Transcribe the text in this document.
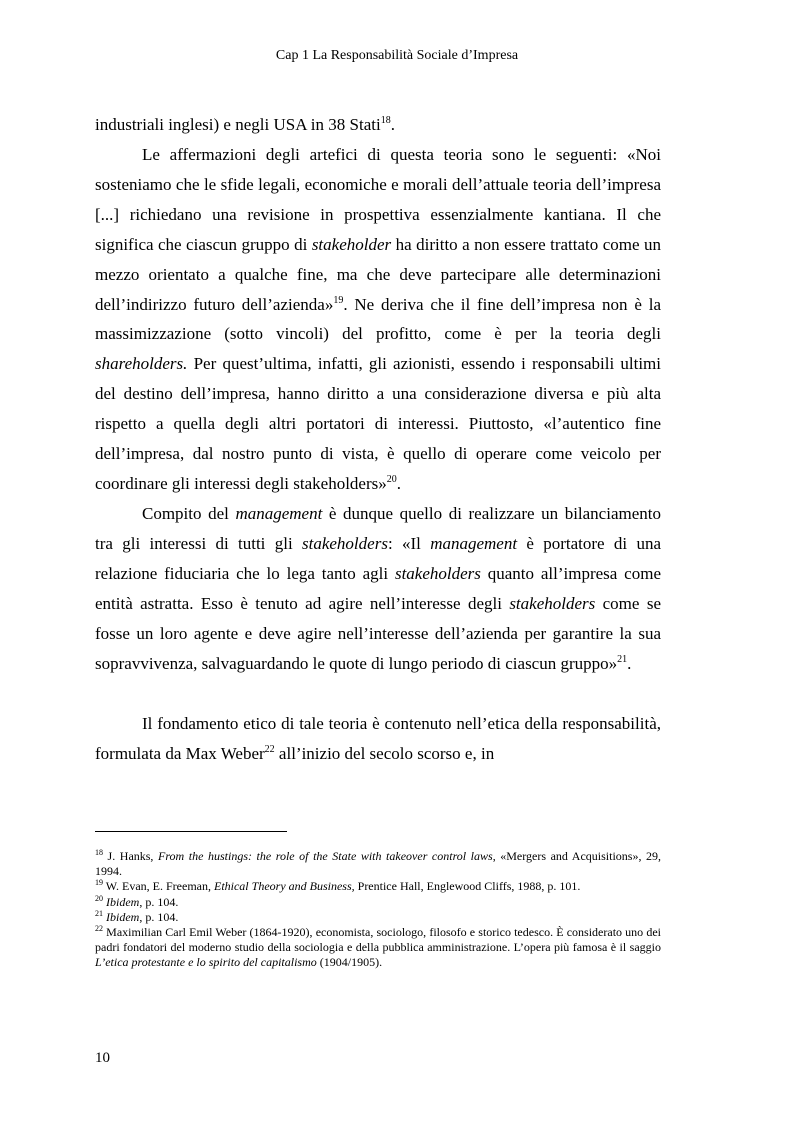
Cap 1 La Responsabilità Sociale d’Impresa
industriali inglesi) e negli USA in 38 Stati$^{18}$.
Le affermazioni degli artefici di questa teoria sono le seguenti: «Noi sosteniamo che le sfide legali, economiche e morali dell’attuale teoria dell’impresa [...] richiedano una revisione in prospettiva essenzialmente kantiana. Il che significa che ciascun gruppo di stakeholder ha diritto a non essere trattato come un mezzo orientato a qualche fine, ma che deve partecipare alle determinazioni dell’indirizzo futuro dell’azienda»$^{19}$. Ne deriva che il fine dell’impresa non è la massimizzazione (sotto vincoli) del profitto, come è per la teoria degli shareholders. Per quest’ultima, infatti, gli azionisti, essendo i responsabili ultimi del destino dell’impresa, hanno diritto a una considerazione diversa e più alta rispetto a quella degli altri portatori di interessi. Piuttosto, «l’autentico fine dell’impresa, dal nostro punto di vista, è quello di operare come veicolo per coordinare gli interessi degli stakeholders»$^{20}$.
Compito del management è dunque quello di realizzare un bilanciamento tra gli interessi di tutti gli stakeholders: «Il management è portatore di una relazione fiduciaria che lo lega tanto agli stakeholders quanto all’impresa come entità astratta. Esso è tenuto ad agire nell’interesse degli stakeholders come se fosse un loro agente e deve agire nell’interesse dell’azienda per garantire la sua sopravvivenza, salvaguardando le quote di lungo periodo di ciascun gruppo»$^{21}$.
Il fondamento etico di tale teoria è contenuto nell’etica della responsabilità, formulata da Max Weber$^{22}$ all’inizio del secolo scorso e, in
$^{18}$ J. Hanks, From the hustings: the role of the State with takeover control laws, «Mergers and Acquisitions», 29, 1994.
$^{19}$ W. Evan, E. Freeman, Ethical Theory and Business, Prentice Hall, Englewood Cliffs, 1988, p. 101.
$^{20}$ Ibidem, p. 104.
$^{21}$ Ibidem, p. 104.
$^{22}$ Maximilian Carl Emil Weber (1864-1920), economista, sociologo, filosofo e storico tedesco. È considerato uno dei padri fondatori del moderno studio della sociologia e della pubblica amministrazione. L’opera più famosa è il saggio L’etica protestante e lo spirito del capitalismo (1904/1905).
10
